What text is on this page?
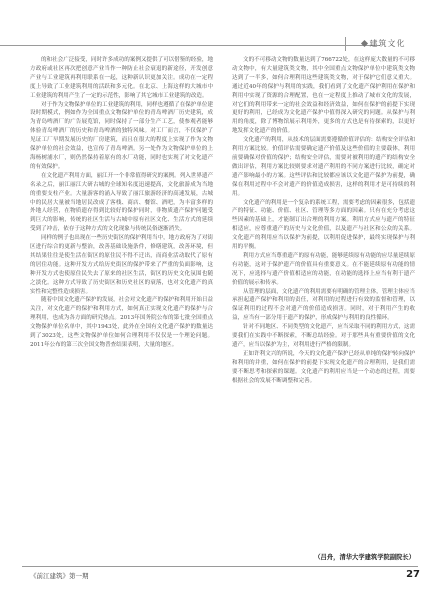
建筑文化

的和社会广泛接受，同时许多成功的案例又提供了可以借鉴的经验，地方政府或社区再次把创意产业当作一种防止社会衰退的新途径，开发创意产业与工业建筑再利用联系在一起，这种新认识更加关注。成功在一定程度上导致了工业建筑利用的活跃和多元化。在北京、上海这样的大城市中工业建筑的利用产生了一定的示范性，影响了其它城市工业建筑的改造。

对于作为文物保护单位的工业建筑的利用，同样也遵循了在保护单位建设时期模式，例如作为全国重点文物保护单位的青岛啤酒厂历史建筑，成为青岛啤酒厂的广告展览馆，同时保持了一部分生产工艺，使参观者能够体验青岛啤酒厂的历史和青岛啤酒的独特风味。对工厂而言，不仅保护了见证工厂早期发展历史的厂房建筑，而且在很大的程度上实现了作为文物保护单位的社会效益，也宣传了青岛啤酒。另一处作为文物保护单位的上海杨树浦水厂，则仍然保持着原有的水厂功能，同时也实现了对文化遗产的有效保护。

在文化遗产利用方面，丽江开一个非常值得研究的案例。列入世界遗产名录之后，丽江丽江大研古城的全球知名度迅速提高，文化旅游成为当地的重要支柱产业。大量游客的涌入导致了丽江旅游经济的高速发展，古城中的民居大量被当地居民改成了客栈、商店、餐馆、酒吧，为丰富多样的外地人经营，在物质遗存得到比较好的保护同时，非物质遗产保护问题受到巨大的影响，传统的社区生活与古城中原有社区文化、生活方式的延续受到了冲击，依存于这种方式的文化现象与传统民俗逐渐消失。

同样的例子也出现在一些历史街区的保护利用当中，地方政府为了对街区进行综合的更新与整治，改善基础设施条件，修缮建筑，改善环境，但其结果往往是使生活在街区的原住民不得不迁出，而商业活动取代了原有的居住功能。这种开发方式给历史街区的保护带来了严重的负面影响，这种开发方式也使原住民失去了原来的社区生活，街区的历史文化氛围也随之淡化。这种方式导致了历史街区和历史社区的衰落，也对文化遗产的真实性和完整性造成损害。

随着中国文化遗产保护的发展，社会对文化遗产的保护和利用开始日益关注，对文化遗产的保护和利用方式，如何真正实现文化遗产的保护与合理利用，也成为各方面的研究热点。2013年国务院公布的第七批全国重点文物保护单位名单中，其中1943处，此外在全国有文化遗产保护的数量达到了3023处，这些文物保护单位如何合理利用不仅仅是一个理论问题。2011年公布的第三次全国文物普查结果表明，大量的地区。

文的不可移动文物的数量达到了766722处，在这样庞大数量的不可移动文物中，有大量建筑类文物，其中全国重点文物保护单位中建筑类文物达到了一半多，如何合理利用这些建筑类文物，对于保护它们意义重大。通过近40年的保护与利用的实践，我们看到了文化遗产保护利用在保护和利用中实现了资源的合理配置，也在一定程度上推动了城市文化的发展，对它们的利用带来一定的社会效益和经济效益，如何在保护的前提下实现更好的利用，已经成为文化遗产保护中值得深入研究的问题。从保护与利用的角度，除了博物馆展示利用外，更多的方式也是有待探索的，以更好地发挥文化遗产的价值。

文化遗产的利用，从技术的层面需要遵循价值评估的：结构安全评估和利用方案比较。价值评估需要确定遗产价值及这些价值的主要载体，利用前要确保对价值的保护；结构安全评估，需要对被利用的遗产的结构安全做出评估，利用方案比较则要求对遗产利用的不同方案进行比较，确定对遗产影响最小的方案。这些评估和比较都应该以文化遗产保护为前提，确保在利用过程中不会对遗产的价值造成损害，这样的利用才是可持续的利用。

文化遗产的利用是一个复杂的系统工程，需要考虑的因素很多，包括遗产的特征、功能、价值、社区、管理等多方面的因素。只有在充分考虑这些因素的基础上，才能制订出合理的利用方案。利用方式应与遗产的特征相适应，应尊重遗产的历史与文化价值，以及遗产与社区和公众的关系。文化遗产的利用应当以保护为前提，以利用促进保护，最终实现保护与利用的平衡。

利用方式应当尊重遗产的原有功能，能够延续原有功能的应尽量延续原有功能，这对于保护遗产的价值具有重要意义。在不能延续原有功能的情况下，应选择与遗产价值相适应的功能，在功能的选择上应当有利于遗产价值的展示和传承。

从管理的层面，文化遗产的利用需要有明确的管理主体，管理主体应当承担起遗产保护和利用的责任，对利用的过程进行有效的监督和管理，以保证利用的过程不会对遗产的价值造成损害。同时，对于利用产生的收益，应当有一部分用于遗产的保护，形成保护与利用的良性循环。

针对不同地区、不同类型的文化遗产，应当采取不同的利用方式，这需要我们在实践中不断探索，不断总结经验。对于那些具有重要价值的文化遗产，应当以保护为主，对利用进行严格的限制。

正如许利文兴的所说，今天的文化遗产保护已经从单纯的保护转向保护和利用的并重，如何在保护的前提下实现文化遗产的合理利用，是我们需要不断思考和探索的课题。文化遗产的利用应当是一个动态的过程，需要根据社会的发展不断调整和完善。

（吕舟，清华大学建筑学院副院长）
《前江建筑》第一期	27
